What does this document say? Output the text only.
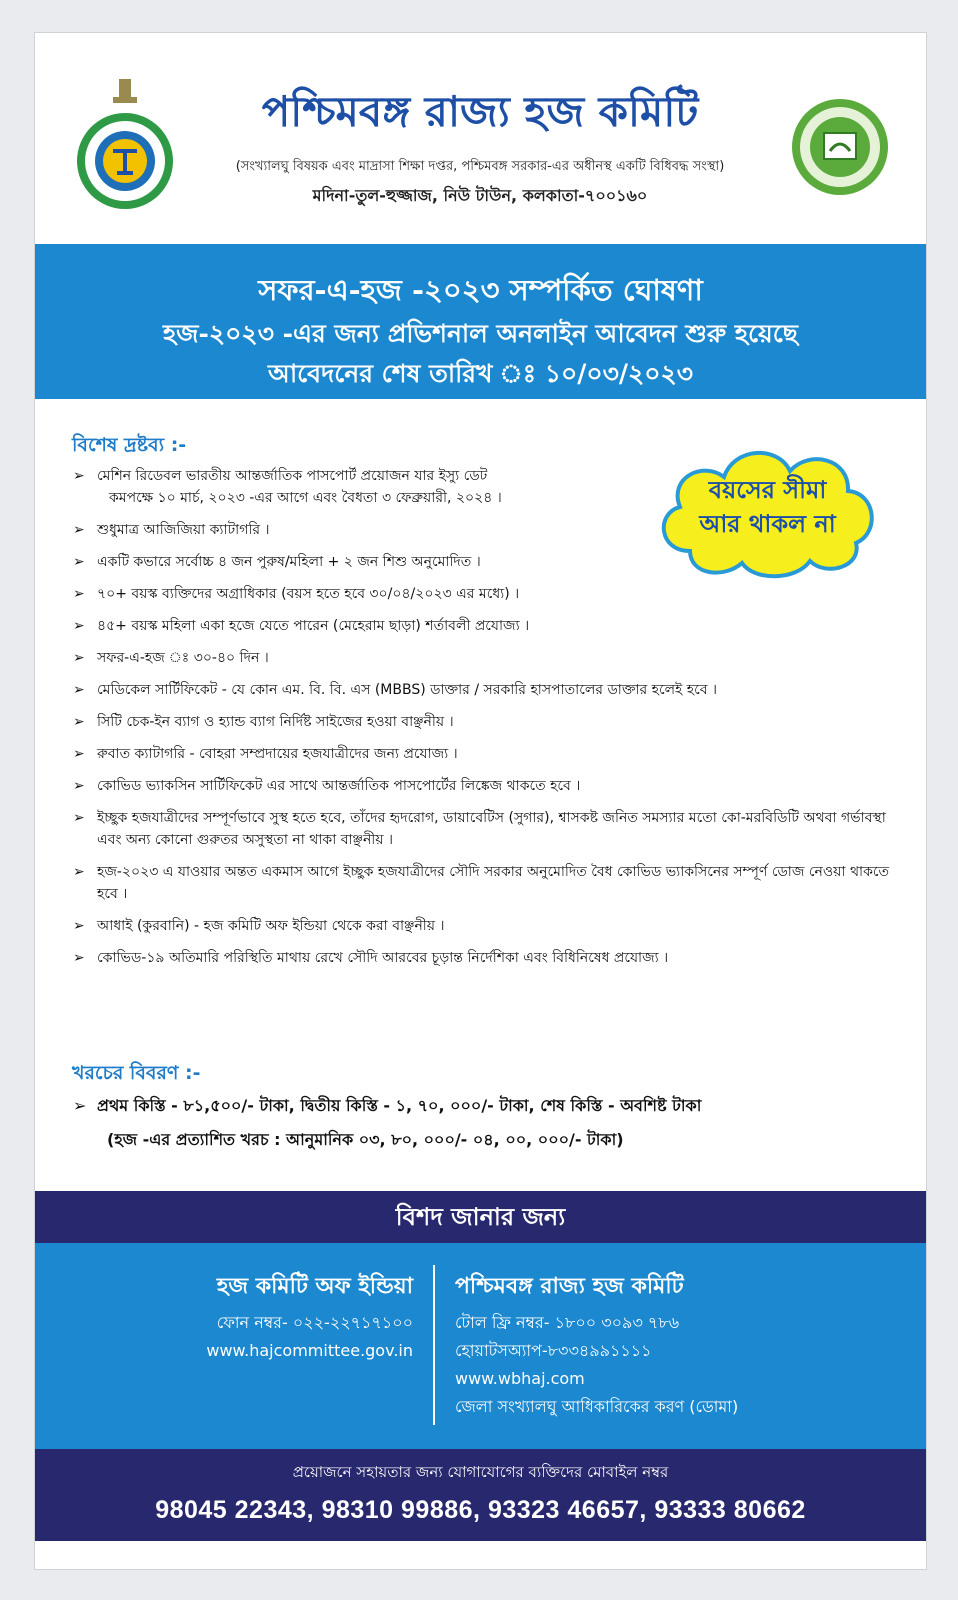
পশ্চিমবঙ্গ রাজ্য হজ কমিটি
(সংখ্যালঘু বিষয়ক এবং মাদ্রাসা শিক্ষা দপ্তর, পশ্চিমবঙ্গ সরকার-এর অধীনস্থ একটি বিধিবদ্ধ সংস্থা)
মদিনা-তুল-হুজ্জাজ, নিউ টাউন, কলকাতা-৭০০১৬০
সফর-এ-হজ -২০২৩ সম্পর্কিত ঘোষণা
হজ-২০২৩ -এর জন্য প্রভিশনাল অনলাইন আবেদন শুরু হয়েছে
আবেদনের শেষ তারিখ ঃ ১০/০৩/২০২৩
বিশেষ দ্রষ্টব্য :-
বয়সের সীমা
আর থাকল না
➢ মেশিন রিডেবল ভারতীয় আন্তর্জাতিক পাসপোর্ট প্রয়োজন যার ইস্যু ডেট
কমপক্ষে ১০ মার্চ, ২০২৩ -এর আগে এবং বৈধতা ৩ ফেব্রুয়ারী, ২০২৪ ।
➢ শুধুমাত্র আজিজিয়া ক্যাটাগরি ।
➢ একটি কভারে সর্বোচ্চ ৪ জন পুরুষ/মহিলা + ২ জন শিশু অনুমোদিত ।
➢ ৭০+ বয়স্ক ব্যক্তিদের অগ্রাধিকার (বয়স হতে হবে ৩০/০৪/২০২৩ এর মধ্যে) ।
➢ ৪৫+ বয়স্ক মহিলা একা হজে যেতে পারেন (মেহেরাম ছাড়া) শর্তাবলী প্রযোজ্য ।
➢ সফর-এ-হজ ঃ ৩০-৪০ দিন ।
➢ মেডিকেল সার্টিফিকেট - যে কোন এম. বি. বি. এস (MBBS) ডাক্তার / সরকারি হাসপাতালের ডাক্তার হলেই হবে ।
➢ সিটি চেক-ইন ব্যাগ ও হ্যান্ড ব্যাগ নির্দিষ্ট সাইজের হওয়া বাঞ্ছনীয় ।
➢ রুবাত ক্যাটাগরি - বোহরা সম্প্রদায়ের হজযাত্রীদের জন্য প্রযোজ্য ।
➢ কোভিড ভ্যাকসিন সার্টিফিকেট এর সাথে আন্তর্জাতিক পাসপোর্টের লিঙ্কেজ থাকতে হবে ।
➢ ইচ্ছুক হজযাত্রীদের সম্পূর্ণভাবে সুস্থ হতে হবে, তাঁদের হৃদরোগ, ডায়াবেটিস (সুগার), শ্বাসকষ্ট জনিত সমস্যার মতো কো-মরবিডিটি অথবা গর্ভাবস্থা এবং অন্য কোনো গুরুতর অসুস্থতা না থাকা বাঞ্ছনীয় ।
➢ হজ-২০২৩ এ যাওয়ার অন্তত একমাস আগে ইচ্ছুক হজযাত্রীদের সৌদি সরকার অনুমোদিত বৈধ কোভিড ভ্যাকসিনের সম্পূর্ণ ডোজ নেওয়া থাকতে হবে ।
➢ আধাই (কুরবানি) - হজ কমিটি অফ ইন্ডিয়া থেকে করা বাঞ্ছনীয় ।
➢ কোভিড-১৯ অতিমারি পরিস্থিতি মাথায় রেখে সৌদি আরবের চূড়ান্ত নির্দেশিকা এবং বিধিনিষেধ প্রযোজ্য ।
খরচের বিবরণ :-
➢ প্রথম কিস্তি - ৮১,৫০০/- টাকা, দ্বিতীয় কিস্তি - ১, ৭০, ০০০/- টাকা, শেষ কিস্তি - অবশিষ্ট টাকা
(হজ -এর প্রত্যাশিত খরচ : আনুমানিক ০৩, ৮০, ০০০/- ০৪, ০০, ০০০/- টাকা)
বিশদ জানার জন্য
হজ কমিটি অফ ইন্ডিয়া
ফোন নম্বর- ০২২-২২৭১৭১০০
www.hajcommittee.gov.in
পশ্চিমবঙ্গ রাজ্য হজ কমিটি
টোল ফ্রি নম্বর- ১৮০০ ৩০৯৩ ৭৮৬
হোয়াটসঅ্যাপ-৮৩৩৪৯৯১১১১
www.wbhaj.com
জেলা সংখ্যালঘু আধিকারিকের করণ (ডোমা)
প্রয়োজনে সহায়তার জন্য যোগাযোগের ব্যক্তিদের মোবাইল নম্বর
98045 22343, 98310 99886, 93323 46657, 93333 80662
